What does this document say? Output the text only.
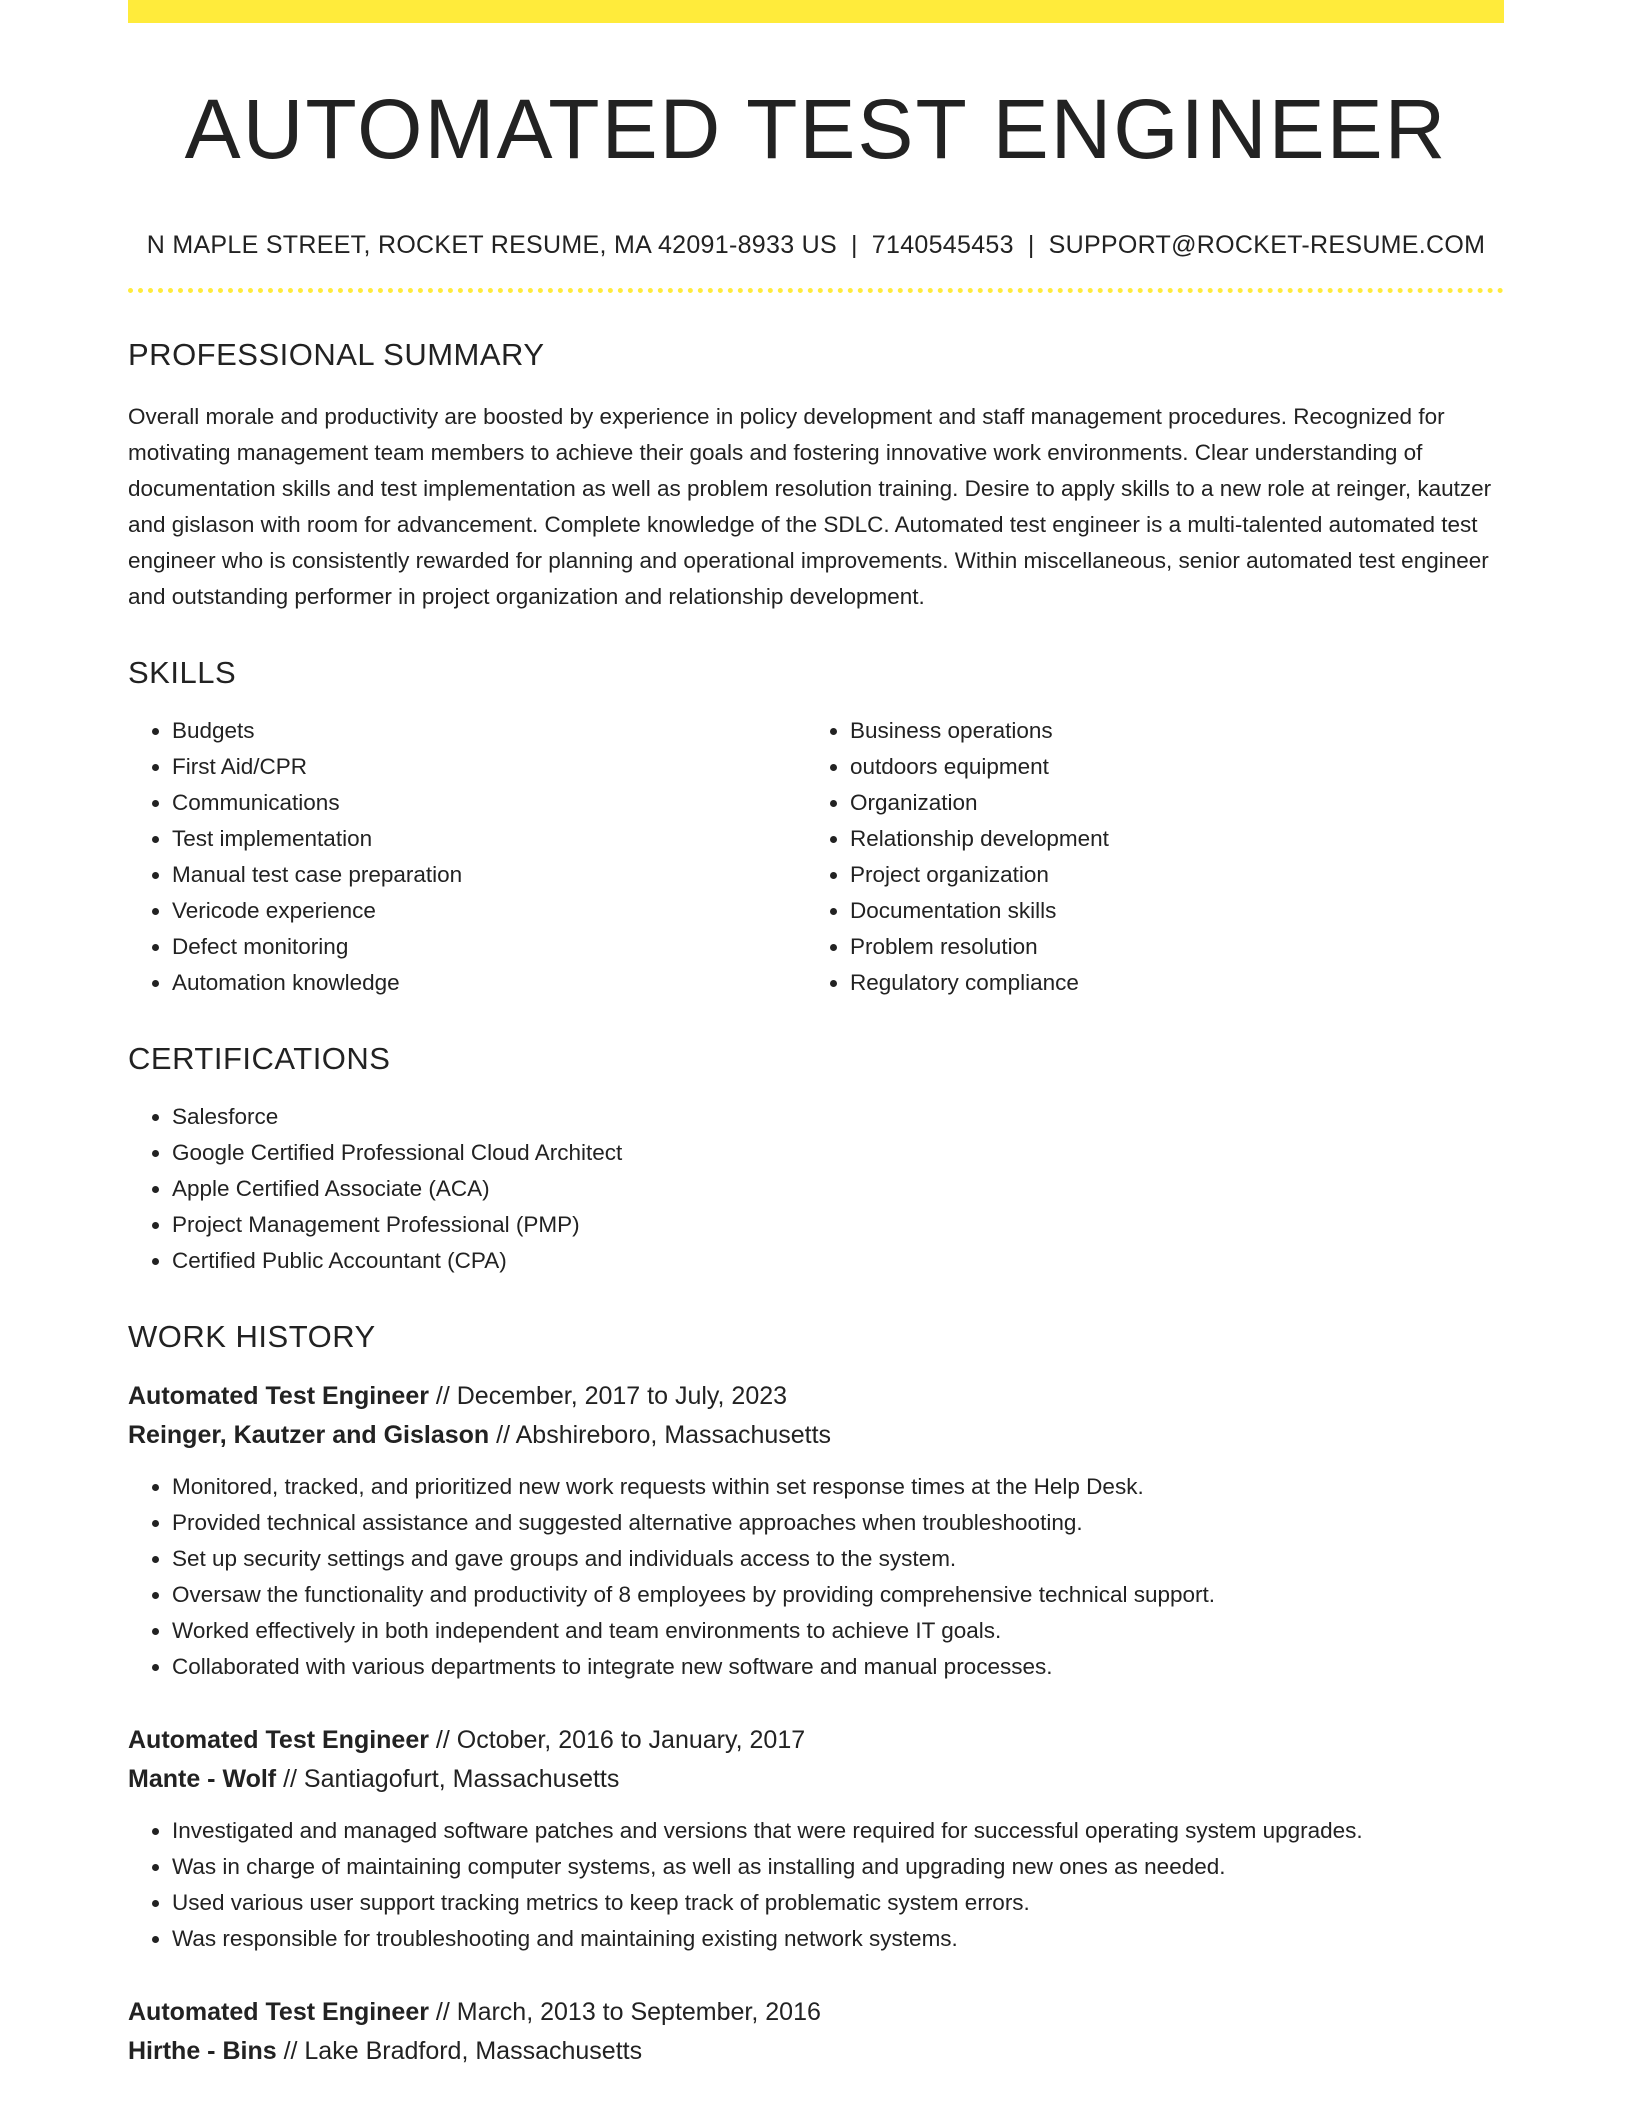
AUTOMATED TEST ENGINEER
N MAPLE STREET, ROCKET RESUME, MA 42091-8933 US | 7140545453 | SUPPORT@ROCKET-RESUME.COM
PROFESSIONAL SUMMARY
Overall morale and productivity are boosted by experience in policy development and staff management procedures. Recognized for motivating management team members to achieve their goals and fostering innovative work environments. Clear understanding of documentation skills and test implementation as well as problem resolution training. Desire to apply skills to a new role at reinger, kautzer and gislason with room for advancement. Complete knowledge of the SDLC. Automated test engineer is a multi-talented automated test engineer who is consistently rewarded for planning and operational improvements. Within miscellaneous, senior automated test engineer and outstanding performer in project organization and relationship development.
SKILLS
• Budgets
• First Aid/CPR
• Communications
• Test implementation
• Manual test case preparation
• Vericode experience
• Defect monitoring
• Automation knowledge
• Business operations
• outdoors equipment
• Organization
• Relationship development
• Project organization
• Documentation skills
• Problem resolution
• Regulatory compliance
CERTIFICATIONS
• Salesforce
• Google Certified Professional Cloud Architect
• Apple Certified Associate (ACA)
• Project Management Professional (PMP)
• Certified Public Accountant (CPA)
WORK HISTORY
Automated Test Engineer // December, 2017 to July, 2023
Reinger, Kautzer and Gislason // Abshireboro, Massachusetts
• Monitored, tracked, and prioritized new work requests within set response times at the Help Desk.
• Provided technical assistance and suggested alternative approaches when troubleshooting.
• Set up security settings and gave groups and individuals access to the system.
• Oversaw the functionality and productivity of 8 employees by providing comprehensive technical support.
• Worked effectively in both independent and team environments to achieve IT goals.
• Collaborated with various departments to integrate new software and manual processes.
Automated Test Engineer // October, 2016 to January, 2017
Mante - Wolf // Santiagofurt, Massachusetts
• Investigated and managed software patches and versions that were required for successful operating system upgrades.
• Was in charge of maintaining computer systems, as well as installing and upgrading new ones as needed.
• Used various user support tracking metrics to keep track of problematic system errors.
• Was responsible for troubleshooting and maintaining existing network systems.
Automated Test Engineer // March, 2013 to September, 2016
Hirthe - Bins // Lake Bradford, Massachusetts
